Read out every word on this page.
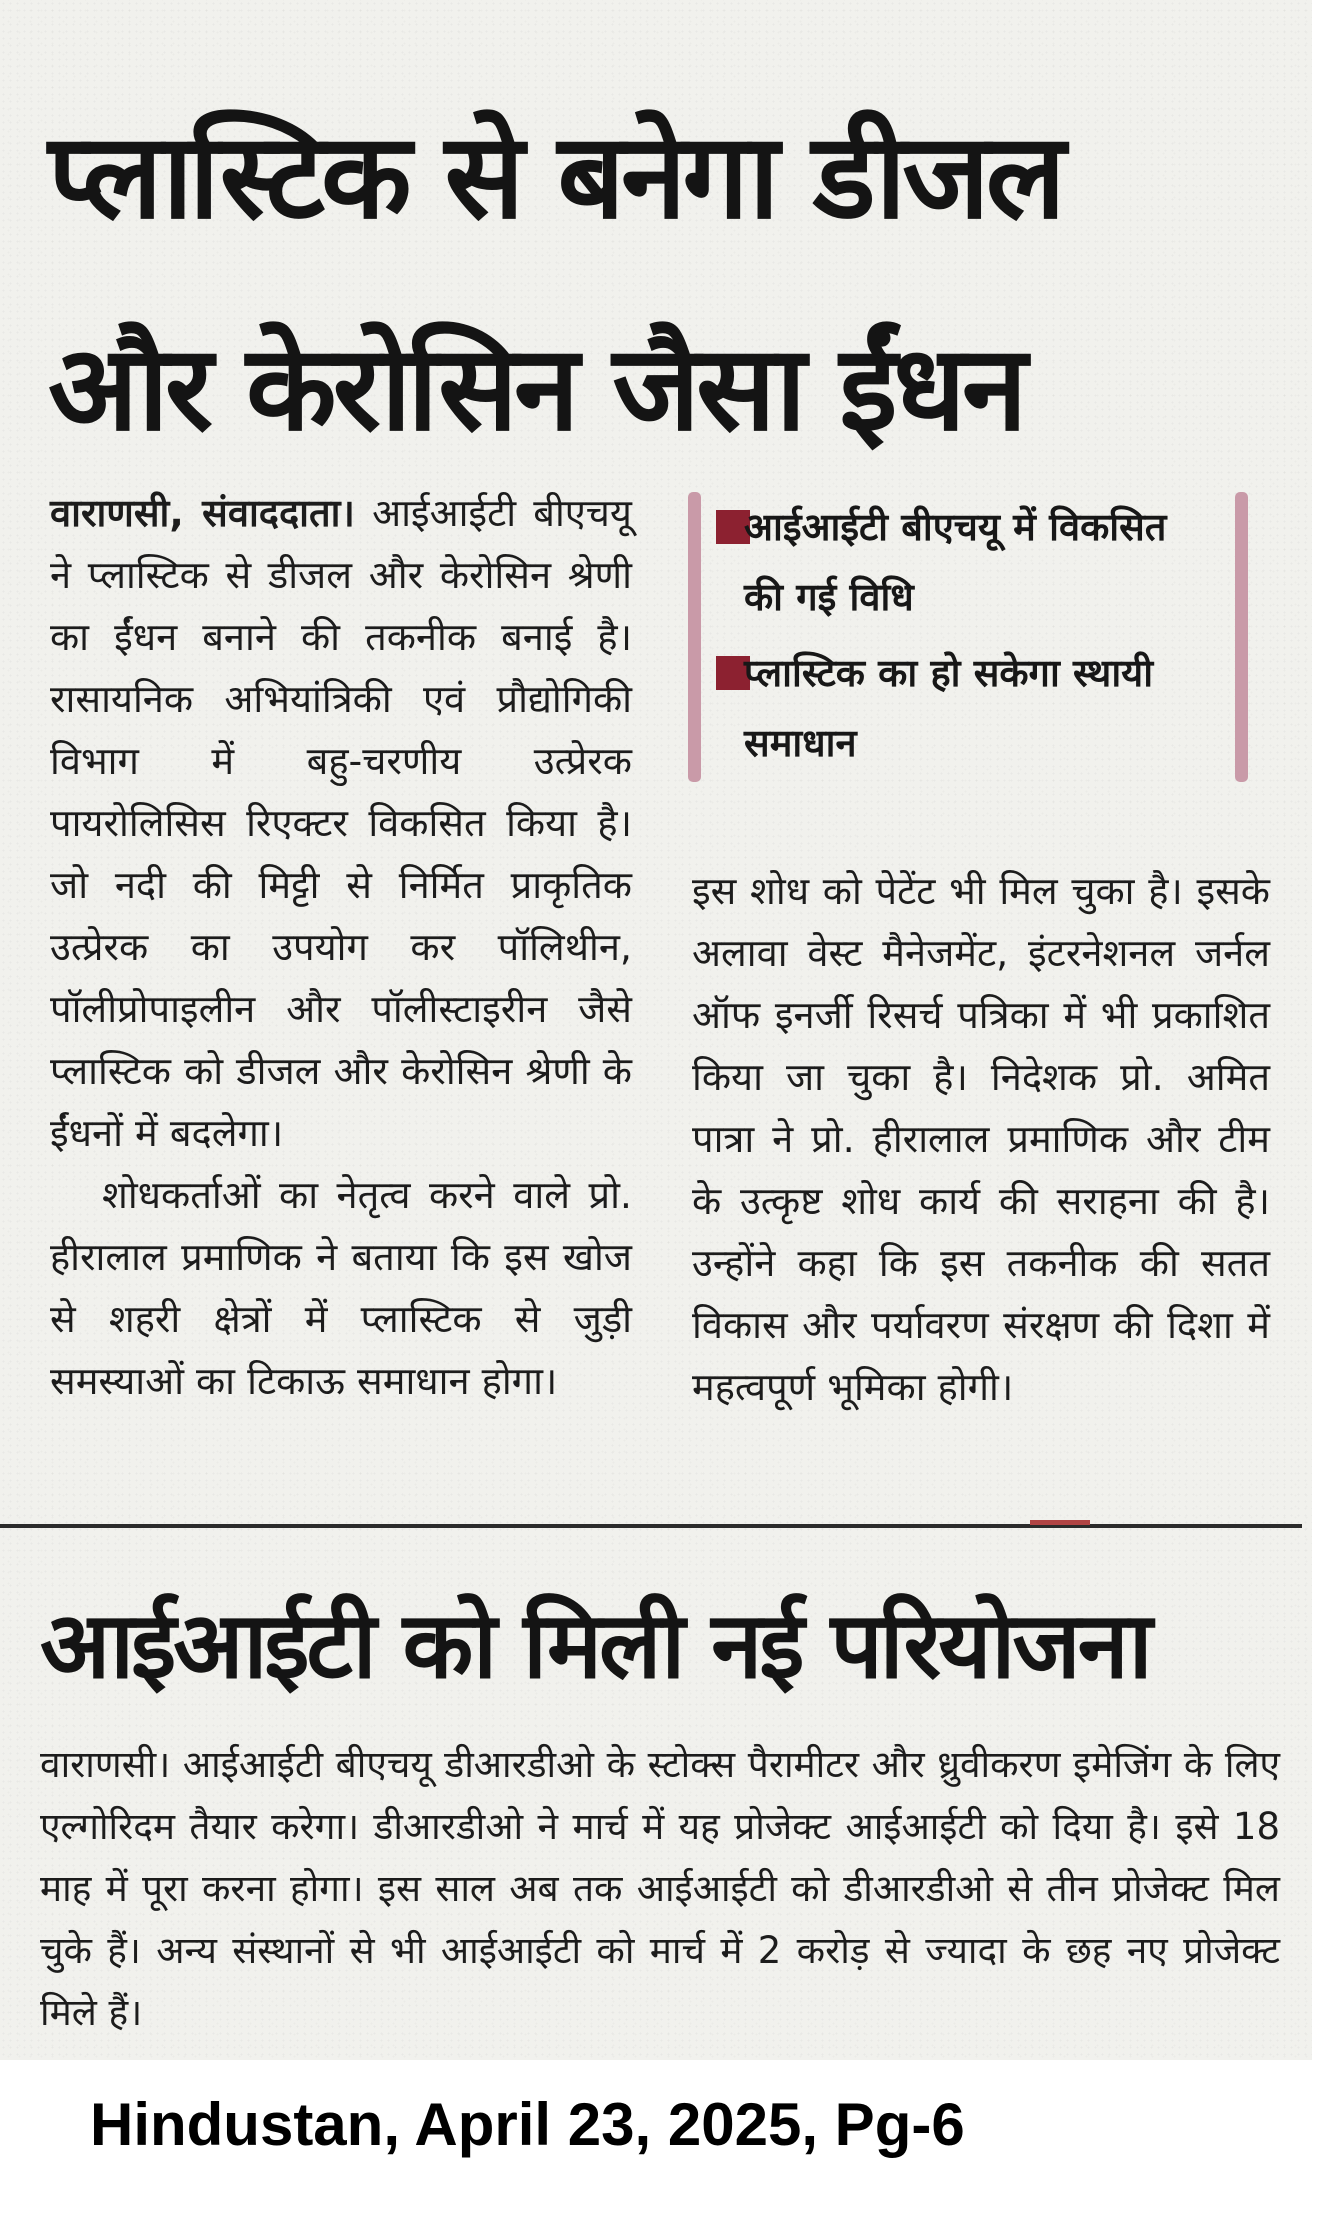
प्लास्टिक से बनेगा डीजल और केरोसिन जैसा ईंधन

वाराणसी, संवाददाता। आईआईटी बीएचयू ने प्लास्टिक से डीजल और केरोसिन श्रेणी का ईंधन बनाने की तकनीक बनाई है। रासायनिक अभियांत्रिकी एवं प्रौद्योगिकी विभाग में बहु-चरणीय उत्प्रेरक पायरोलिसिस रिएक्टर विकसित किया है। जो नदी की मिट्टी से निर्मित प्राकृतिक उत्प्रेरक का उपयोग कर पॉलिथीन, पॉलीप्रोपाइलीन और पॉलीस्टाइरीन जैसे प्लास्टिक को डीजल और केरोसिन श्रेणी के ईंधनों में बदलेगा।

शोधकर्ताओं का नेतृत्व करने वाले प्रो. हीरालाल प्रमाणिक ने बताया कि इस खोज से शहरी क्षेत्रों में प्लास्टिक से जुड़ी समस्याओं का टिकाऊ समाधान होगा।

आईआईटी बीएचयू में विकसित की गई विधि

प्लास्टिक का हो सकेगा स्थायी समाधान

इस शोध को पेटेंट भी मिल चुका है। इसके अलावा वेस्ट मैनेजमेंट, इंटरनेशनल जर्नल ऑफ इनर्जी रिसर्च पत्रिका में भी प्रकाशित किया जा चुका है। निदेशक प्रो. अमित पात्रा ने प्रो. हीरालाल प्रमाणिक और टीम के उत्कृष्ट शोध कार्य की सराहना की है। उन्होंने कहा कि इस तकनीक की सतत विकास और पर्यावरण संरक्षण की दिशा में महत्वपूर्ण भूमिका होगी।

आईआईटी को मिली नई परियोजना

वाराणसी। आईआईटी बीएचयू डीआरडीओ के स्टोक्स पैरामीटर और ध्रुवीकरण इमेजिंग के लिए एल्गोरिदम तैयार करेगा। डीआरडीओ ने मार्च में यह प्रोजेक्ट आईआईटी को दिया है। इसे 18 माह में पूरा करना होगा। इस साल अब तक आईआईटी को डीआरडीओ से तीन प्रोजेक्ट मिल चुके हैं। अन्य संस्थानों से भी आईआईटी को मार्च में 2 करोड़ से ज्यादा के छह नए प्रोजेक्ट मिले हैं।

Hindustan, April 23, 2025, Pg-6
